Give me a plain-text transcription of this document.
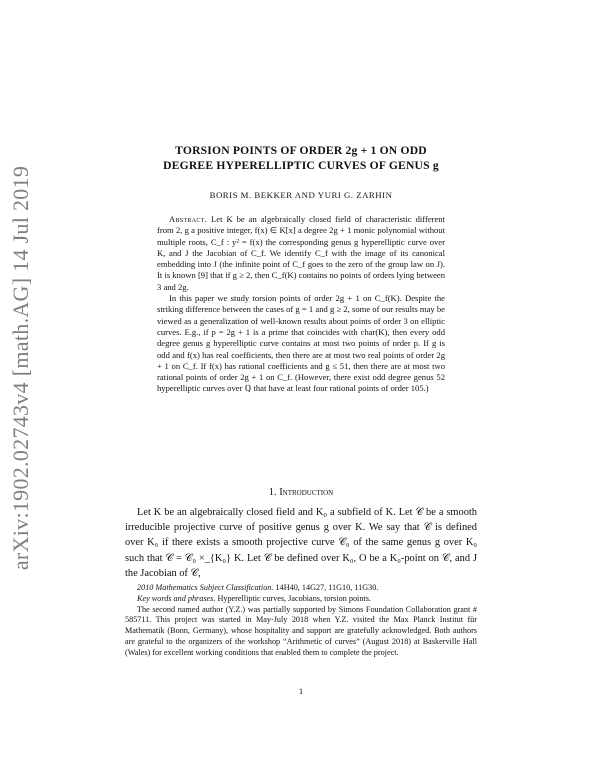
arXiv:1902.02743v4 [math.AG] 14 Jul 2019
TORSION POINTS OF ORDER 2g + 1 ON ODD
DEGREE HYPERELLIPTIC CURVES OF GENUS g
BORIS M. BEKKER AND YURI G. ZARHIN

Abstract. Let K be an algebraically closed field of characteristic different from 2, g a positive integer, f(x) ∈ K[x] a degree 2g + 1 monic polynomial without multiple roots, C_f : y² = f(x) the corresponding genus g hyperelliptic curve over K, and J the Jacobian of C_f. We identify C_f with the image of its canonical embedding into J (the infinite point of C_f goes to the zero of the group law on J). It is known [9] that if g ≥ 2, then C_f(K) contains no points of orders lying between 3 and 2g.

In this paper we study torsion points of order 2g + 1 on C_f(K). Despite the striking difference between the cases of g = 1 and g ≥ 2, some of our results may be viewed as a generalization of well-known results about points of order 3 on elliptic curves. E.g., if p = 2g + 1 is a prime that coincides with char(K), then every odd degree genus g hyperelliptic curve contains at most two points of order p. If g is odd and f(x) has real coefficients, then there are at most two real points of order 2g + 1 on C_f. If f(x) has rational coefficients and g ≤ 51, then there are at most two rational points of order 2g + 1 on C_f. (However, there exist odd degree genus 52 hyperelliptic curves over ℚ that have at least four rational points of order 105.)

1. Introduction

Let K be an algebraically closed field and K₀ a subfield of K. Let 𝒞 be a smooth irreducible projective curve of positive genus g over K. We say that 𝒞 is defined over K₀ if there exists a smooth projective curve 𝒞₀ of the same genus g over K₀ such that 𝒞 = 𝒞₀ ×_{K₀} K. Let 𝒞 be defined over K₀, O be a K₀-point on 𝒞, and J the Jacobian of 𝒞,

2010 Mathematics Subject Classification. 14H40, 14G27, 11G10, 11G30.

Key words and phrases. Hyperelliptic curves, Jacobians, torsion points.

The second named author (Y.Z.) was partially supported by Simons Foundation Collaboration grant # 585711. This project was started in May-July 2018 when Y.Z. visited the Max Planck Institut für Mathematik (Bonn, Germany), whose hospitality and support are gratefully acknowledged. Both authors are grateful to the organizers of the workshop “Arithmetic of curves” (August 2018) at Baskerville Hall (Wales) for excellent working conditions that enabled them to complete the project.

1
